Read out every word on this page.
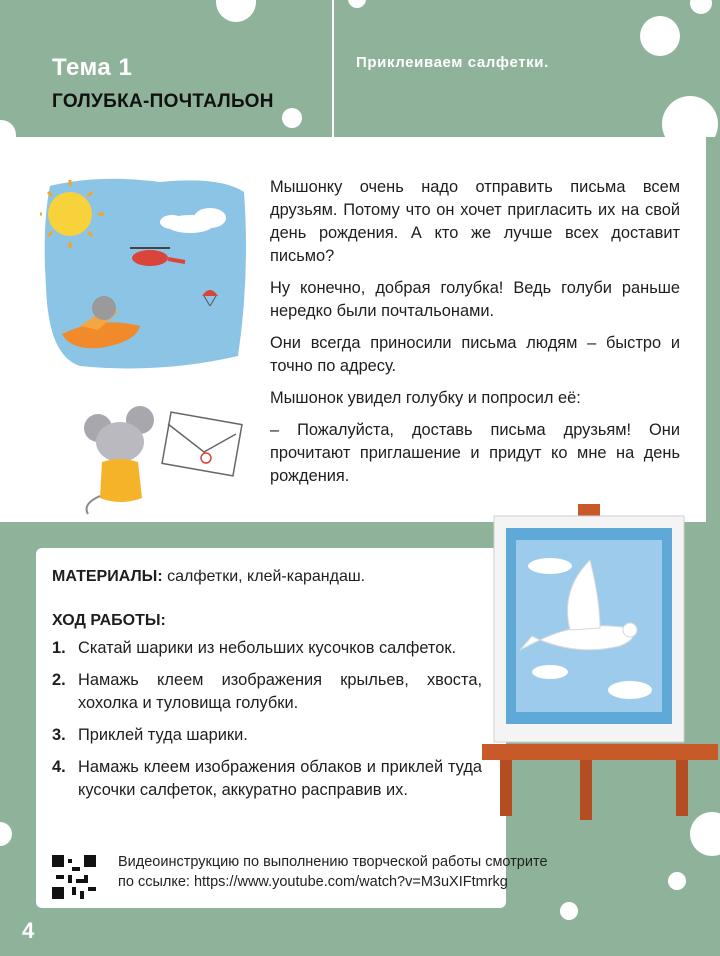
Тема 1
ГОЛУБКА-ПОЧТАЛЬОН
Приклеиваем салфетки.

Мышонку очень надо отправить письма всем друзьям. Потому что он хочет пригласить их на свой день рождения. А кто же лучше всех доставит письмо?

Ну конечно, добрая голубка! Ведь голуби раньше нередко были почтальонами.

Они всегда приносили письма людям – быстро и точно по адресу.

Мышонок увидел голубку и попросил её:

– Пожалуйста, доставь письма друзьям! Они прочитают приглашение и придут ко мне на день рождения.

МАТЕРИАЛЫ: салфетки, клей-карандаш.
ХОД РАБОТЫ:
1. Скатай шарики из небольших кусочков салфеток.
2. Намажь клеем изображения крыльев, хвоста, хохолка и туловища голубки.
3. Приклей туда шарики.
4. Намажь клеем изображения облаков и приклей туда кусочки салфеток, аккуратно расправив их.
Видеоинструкцию по выполнению творческой работы смотрите
по ссылке: https://www.youtube.com/watch?v=M3uXIFtmrkg
4
